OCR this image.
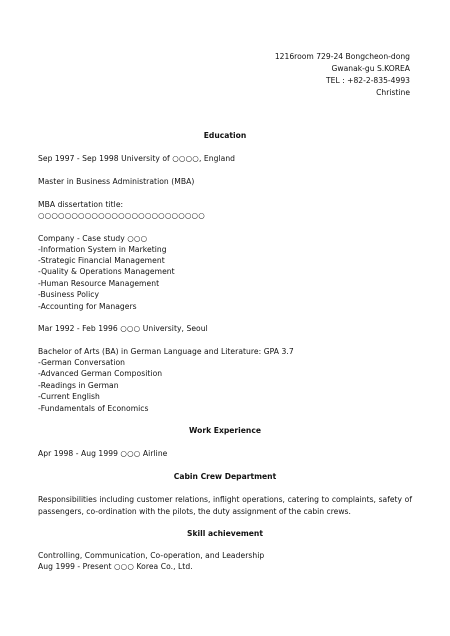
1216room 729-24 Bongcheon-dong
Gwanak-gu S.KOREA
TEL : +82-2-835-4993
Christine
Education
Sep 1997 - Sep 1998 University of ○○○○, England
Master in Business Administration (MBA)
MBA dissertation title:
○○○○○○○○○○○○○○○○○○○○○○○○○
Company - Case study ○○○
-Information System in Marketing
-Strategic Financial Management
-Quality & Operations Management
-Human Resource Management
-Business Policy
-Accounting for Managers
Mar 1992 - Feb 1996 ○○○ University, Seoul
Bachelor of Arts (BA) in German Language and Literature: GPA 3.7
-German Conversation
-Advanced German Composition
-Readings in German
-Current English
-Fundamentals of Economics
Work Experience
Apr 1998 - Aug 1999 ○○○ Airline
Cabin Crew Department
Responsibilities including customer relations, inflight operations, catering to complaints, safety of passengers, co-ordination with the pilots, the duty assignment of the cabin crews.
Skill achievement
Controlling, Communication, Co-operation, and Leadership
Aug 1999 - Present ○○○ Korea Co., Ltd.
